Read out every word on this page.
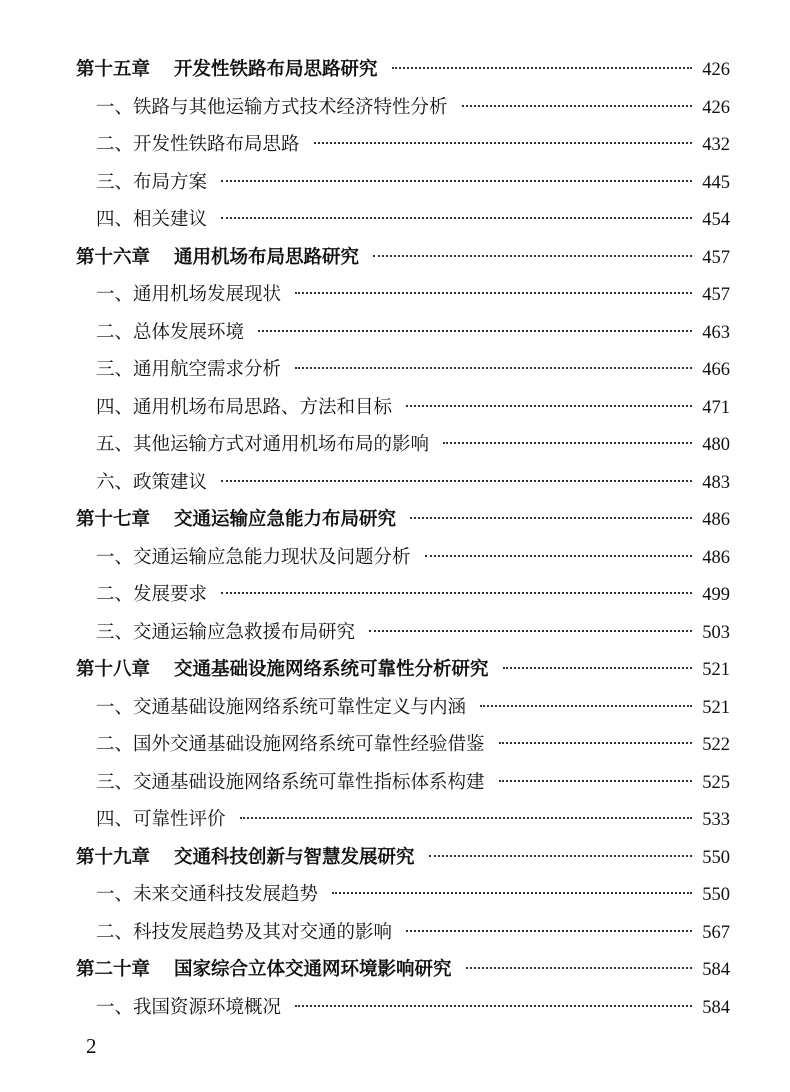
第十五章 开发性铁路布局思路研究	426
一、铁路与其他运输方式技术经济特性分析	426
二、开发性铁路布局思路	432
三、布局方案	445
四、相关建议	454
第十六章 通用机场布局思路研究	457
一、通用机场发展现状	457
二、总体发展环境	463
三、通用航空需求分析	466
四、通用机场布局思路、方法和目标	471
五、其他运输方式对通用机场布局的影响	480
六、政策建议	483
第十七章 交通运输应急能力布局研究	486
一、交通运输应急能力现状及问题分析	486
二、发展要求	499
三、交通运输应急救援布局研究	503
第十八章 交通基础设施网络系统可靠性分析研究	521
一、交通基础设施网络系统可靠性定义与内涵	521
二、国外交通基础设施网络系统可靠性经验借鉴	522
三、交通基础设施网络系统可靠性指标体系构建	525
四、可靠性评价	533
第十九章 交通科技创新与智慧发展研究	550
一、未来交通科技发展趋势	550
二、科技发展趋势及其对交通的影响	567
第二十章 国家综合立体交通网环境影响研究	584
一、我国资源环境概况	584
2
